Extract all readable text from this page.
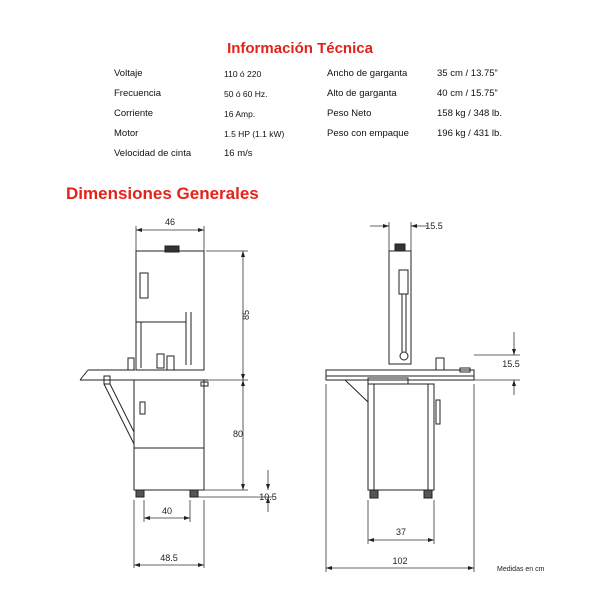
Información Técnica
Voltaje	110 ó 220
Frecuencia	50 ó 60 Hz.
Corriente	16 Amp.
Motor	1.5 HP (1.1 kW)
Velocidad de cinta	16 m/s
Ancho de garganta	35 cm / 13.75”
Alto de garganta	40 cm / 15.75”
Peso Neto	158 kg / 348 lb.
Peso con empaque	196 kg / 431 lb.
Dimensiones Generales
46
85
80
10.5
40
48.5
15.5
15.5
37
102
Medidas en cm
